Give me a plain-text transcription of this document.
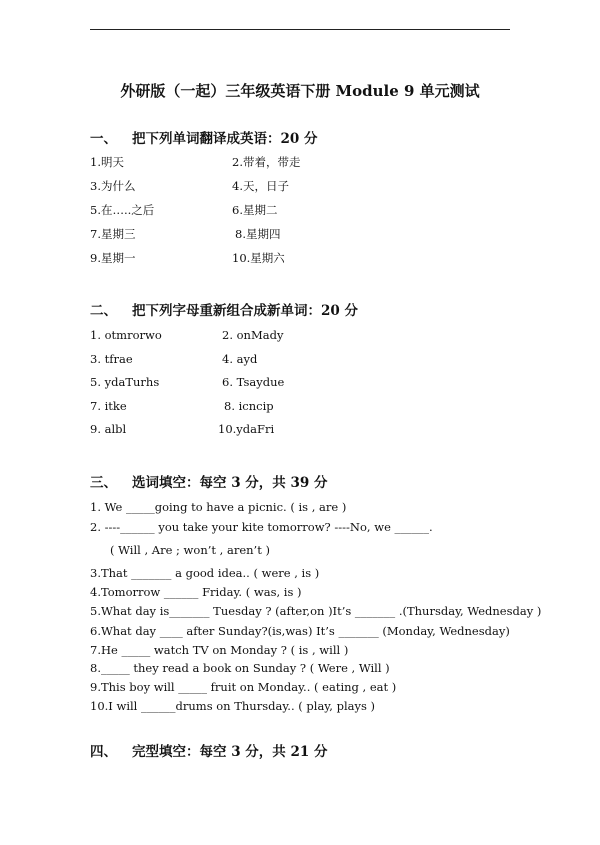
外研版（一起）三年级英语下册 Module 9 单元测试
一、 把下列单词翻译成英语：20 分
1.明天	2.带着，带走
3.为什么	4.天，日子
5.在…..之后	6.星期二
7.星期三	8.星期四
9.星期一	10.星期六
二、 把下列字母重新组合成新单词：20 分
1. otmrorwo	2. onMady
3. tfrae	4. ayd
5. ydaTurhs	6. Tsaydue
7. itke	8. icncip
9. albl	10.ydaFri
三、 选词填空：每空 3 分，共 39 分
1. We _____going to have a picnic. ( is , are )
2. ----______ you take your kite tomorrow? ----No, we ______.
( Will , Are ; won’t , aren’t )
3.That _______ a good idea.. ( were , is )
4.Tomorrow ______ Friday. ( was, is )
5.What day is_______ Tuesday ? (after,on )It’s _______ .(Thursday, Wednesday )
6.What day ____ after Sunday?(is,was) It’s _______ (Monday, Wednesday)
7.He _____ watch TV on Monday ? ( is , will )
8._____ they read a book on Sunday ? ( Were , Will )
9.This boy will _____ fruit on Monday.. ( eating , eat )
10.I will ______drums on Thursday.. ( play, plays )
四、 完型填空：每空 3 分，共 21 分
